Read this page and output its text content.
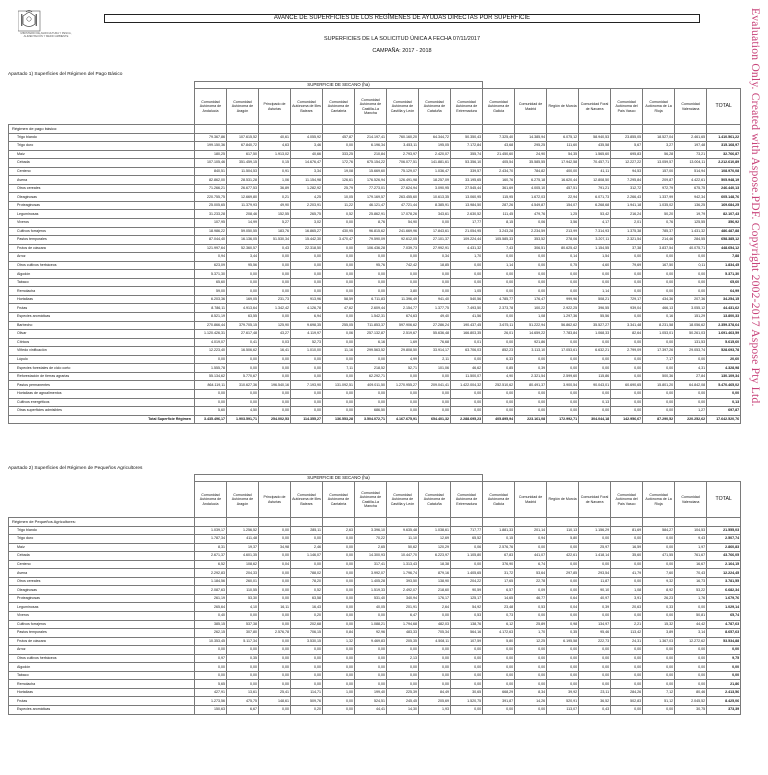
MINISTERIO DE AGRICULTURA Y PESCA, ALIMENTACIÓN Y MEDIO AMBIENTE
AVANCE DE SUPERFICIES DE LOS REGÍMENES DE AYUDAS DIRECTAS POR SUPERFICIE
SUPERFICIES DE LA SOLICITUD ÚNICA A FECHA 07/11/2017
CAMPAÑA: 2017 - 2018
Apartado 1) Superficies del Régimen del Pago Básico
	SUPERFICIE DE SECANO (ha)																
	Comunidad Autónoma de Andalucía	Comunidad Autónoma de Aragón	Principado de Asturias	Comunidad Autónoma de Illes Balears	Comunidad Autónoma de Cantabria	Comunidad Autónoma de Castilla-La Mancha	Comunidad Autónoma de Castilla y León	Comunidad Autónoma de Cataluña	Comunidad Autónoma de Extremadura	Comunidad Autónoma de Galicia	Comunidad de Madrid	Región de Murcia	Comunidad Foral de Navarra	Comunidad Autónoma del País Vasco	Comunidad Autónoma de La Rioja	Comunidad Valenciana	TOTAL
Régimen de pago básico:																	
Trigo blando	79.367,86	107.615,52	40,61	4.055,92	457,87	214.197,41	760.160,20	64.344,72	50.350,43	7.325,40	14.385,94	6.075,12	58.940,53	23.855,05	18.527,04	2.461,65	1.410.561,22
Trigo duro	199.150,36	67.840,72	4,63	3,46	0,00	6.196,34	3.453,11	195,05	7.172,84	43,68	295,25	111,60	435,58	5,67	3,27	197,48	315.168,97
Maíz	180,25	617,50	1.913,02	40,66	333,25	210,84	2.793,97	2.420,07	355,74	21.450,60	24,90	54,35	1.565,60	695,83	56,28	73,21	32.766,87
Cebada	107.105,46	351.459,15	0,15	14.676,47	172,76	675.154,22	706.077,51	141.881,61	53.356,10	405,54	35.585,55	17.942,58	70.457,71	12.227,22	13.059,57	13.004,11	2.212.610,89
Centeno	840,51	11.504,53	0,91	3,34	19,08	15.669,60	75.129,07	1.036,47	339,57	2.434,70	784,82	400,00	41,11	94,53	157,00	514,94	108.970,08
Avena	82.862,00	28.531,28	1,06	11.154,98	126,61	176.526,94	126.491,98	18.257,09	33.195,65	160,76	6.275,18	16.620,44	12.808,50	7.295,84	209,87	4.422,61	505.948,19
Otros cereales	71.266,21	26.677,53	36,89	1.282,92	25,79	77.273,01	27.624,94	3.090,95	27.545,44	361,69	4.005,10	457,51	791,21	312,72	972,79	675,75	246.440,13
Oleaginosas	220.755,75	12.669,80	0,21	4,25	10,05	179.169,57	263.455,60	10.613,35	13.060,95	115,95	1.672,03	22,94	6.071,73	2.266,43	1.337,99	942,34	605.148,76
Proteaginosas	25.005,65	11.379,93	49,90	2.203,91	11,22	46.121,47	47.721,44	8.385,91	13.984,50	287,26	4.549,87	154,07	6.268,68	1.941,18	1.035,02	136,25	169.684,25
Leguminosas	31.233,28	208,46	152,55	265,75	0,52	25.862,91	17.078,26	343,61	2.630,52	111,45	479,76	1,25	53,42	216,24	50,20	19,79	82.107,43
Viveros	107,95	14,99	5,27	3,02	0,00	8,76	54,90	0,00	17,77	8,15	0,06	3,56	4,17	2,01	0,76	125,55	356,92
Cultivos forrajeros	18.986,22	59.050,55	183,76	16.865,27	430,95	96.815,62	241.669,96	17.843,61	21.054,95	3.243,28	2.234,59	213,99	7.314,93	1.375,38	785,37	1.431,32	486.487,88
Pastos temporales	87.044,40	16.136,05	51.530,34	15.442,30	3.470,47	79.590,09	92.612,05	27.101,37	109.224,44	105.585,33	353,52	278,06	3.207,11	2.321,54	214,46	284,55	658.385,12
Frutos de cáscara	121.997,64	52.360,57	0,43	22.318,50	0,00	106.436,28	7.039,73	27.992,91	4.431,32	7,43	306,51	80.625,42	1.154,55	37,38	3.837,54	40.075,71	448.654,12
Arroz	0,94	3,44	0,00	0,00	0,00	0,00	0,00	0,34	1,70	0,00	0,00	0,14	1,54	0,00	0,00	0,00	7,88
Otros cultivos herbáceos	623,09	95,56	0,00	0,00	0,00	95,76	742,42	18,85	0,00	1,14	0,00	0,75	4,60	79,69	167,50	0,11	1.834,45
Algodón	5.371,30	0,00	0,00	0,00	0,00	0,00	0,00	0,00	0,00	0,00	0,00	0,00	0,00	0,00	0,00	0,00	5.371,30
Tabaco	65,60	0,00	0,00	0,00	0,00	0,00	0,00	0,00	0,00	0,00	0,00	0,00	0,00	0,00	0,00	0,00	65,60
Remolacha	59,00	0,00	0,00	0,00	0,00	0,00	3,80	0,00	1,05	0,00	0,00	0,00	1,14	0,00	0,00	0,00	64,99
Hortalizas	6.203,36	169,05	231,73	913,96	58,59	6.711,83	11.396,49	941,40	540,56	4.785,77	176,47	999,96	508,21	729,17	434,36	207,36	34.254,15
Frutas	8.786,11	4.913,64	1.342,42	4.126,78	47,62	2.609,44	2.154,77	1.377,75	7.493,50	2.373,78	100,22	2.922,25	396,55	939,04	466,13	3.055,12	44.431,62
Especies aromáticas	8.521,19	63,55	0,00	6,94	0,00	1.542,31	674,63	49,40	41,56	0,00	1,08	1.297,36	55,56	0,00	0,16	151,29	13.800,33
Barbecho	270.866,44	379.705,15	125,90	9.698,35	255,05	711.853,37	597.906,62	27.286,24	190.437,45	3.675,11	51.222,94	56.862,62	35.527,27	3.341,48	8.231,58	18.056,62	2.359.378,64
Olivar	1.120.426,31	27.617,48	43,27	4.119,97	0,06	257.132,87	2.519,67	55.636,48	166.803,35	26,01	14.659,22	7.783,84	1.068,33	82,64	1.053,01	50.261,03	1.691.463,59
Cítricos	4.019,07	0,41	0,03	52,73	0,00	6,16	1,69	76,68	0,01	0,00	921,86	0,00	0,00	0,00	0,00	131,53	5.615,60
Viñedo vinificación	12.223,40	16.506,62	16,41	1.010,00	11,16	299.563,52	29.808,50	33.914,17	63.706,03	852,23	3.113,10	17.053,61	6.632,21	2.799,09	17.397,26	29.053,74	528.693,78
Lúpulo	0,00	0,00	0,00	0,00	0,00	0,00	4,99	2,11	0,00	6,33	0,00	0,00	0,00	0,00	7,17	0,00	20,60
Especies forestales de ciclo corto	1.555,78	0,00	0,00	0,00	7,11	218,52	52,71	101,06	46,62	0,85	0,39	0,00	0,00	0,00	0,00	4,31	4.328,98
Reforestación de tierras agrarias	55.134,62	5.770,67	0,00	0,00	0,00	62.292,71	0,00	0,00	11.500,07	4,90	2.321,54	2.599,60	115,86	0,00	500,36	27,84	130.109,34
Pastos permanentes	864.119,11	310.627,36	196.540,16	7.193,90	131.092,51	409.011,50	1.270.955,27	209.041,41	1.422.004,32	252.510,62	80.491,37	3.900,54	90.043,01	60.690,65	15.801,20	64.842,08	5.470.465,02
Hortalizas de agroalimentos	0,00	0,00	0,00	0,00	0,00	0,00	0,00	0,00	0,00	0,00	0,00	0,00	0,00	0,00	0,00	0,00	0,00
Cultivos energéticos	0,00	0,00	0,00	0,00	0,00	0,00	0,00	0,00	0,00	0,00	0,00	0,00	0,13	0,00	0,00	0,00	0,13
Otras superficies admisibles	5,60	4,50	0,00	0,00	0,00	686,50	0,00	0,00	0,00	0,00	0,00	0,00	0,00	0,00	0,00	1,27	697,87
Total Superficie Régimen	3.435.496,17	1.903.591,71	254.002,53	114.355,27	136.553,28	3.504.072,71	4.167.675,91	654.401,32	2.288.695,23	405.895,94	223.161,08	172.992,71	304.044,18	142.956,67	87.290,52	220.252,62	17.642.520,76
Apartado 2) Superficies del Régimen de Pequeños Agricultores
	SUPERFICIE DE SECANO (ha)																
	Comunidad Autónoma de Andalucía	Comunidad Autónoma de Aragón	Principado de Asturias	Comunidad Autónoma de Illes Balears	Comunidad Autónoma de Cantabria	Comunidad Autónoma de Castilla-La Mancha	Comunidad Autónoma de Castilla y León	Comunidad Autónoma de Cataluña	Comunidad Autónoma de Extremadura	Comunidad Autónoma de Galicia	Comunidad de Madrid	Región de Murcia	Comunidad Foral de Navarra	Comunidad Autónoma del País Vasco	Comunidad Autónoma de La Rioja	Comunidad Valenciana	TOTAL
Régimen de Pequeños Agricultores:																	
Trigo blando	1.039,17	1.256,52	0,00	285,11	2,63	3.396,10	9.635,48	1.038,61	717,77	1.881,33	201,14	110,13	1.156,29	81,69	584,27	104,53	21.555,03
Trigo duro	1.787,34	411,48	0,00	0,00	0,00	70,22	11,10	12,69	65,52	0,15	0,94	5,80	0,00	0,00	0,00	9,43	2.507,74
Maíz	8,31	19,37	34,98	2,46	0,00	2,65	50,62	120,29	0,06	2.576,76	0,00	0,00	25,97	16,59	0,00	1,97	2.860,83
Cebada	2.671,37	4.601,35	0,00	1.146,07	0,00	14.300,93	10.447,70	6.223,97	1.105,80	67,83	441,07	422,61	1.418,14	35,60	471,55	761,67	43.766,05
Centeno	6,52	108,62	0,04	0,00	0,00	317,41	1.313,43	18,38	0,00	376,90	6,74	0,00	0,00	0,00	0,00	16,67	2.164,15
Avena	2.292,83	204,33	0,00	788,02	0,00	3.992,07	1.796,74	879,16	1.405,65	31,72	53,64	297,85	293,54	41,79	7,60	70,43	12.224,45
Otros cereales	1.184,56	260,01	0,00	78,20	0,00	1.405,28	393,50	138,90	204,22	17,65	22,78	0,00	11,87	0,00	9,32	16,73	3.781,55
Oleaginosas	2.087,63	110,55	0,00	0,52	0,00	1.519,33	2.492,07	218,60	90,59	6,57	0,09	0,00	90,10	1,08	8,92	53,22	6.682,34
Proteaginosas	261,19	53,30	0,00	63,58	0,00	531,40	340,94	176,17	125,17	14,65	46,77	0,64	40,97	3,91	26,23	1,76	1.679,76
Leguminosas	265,64	4,10	16,11	16,43	0,00	40,05	201,91	2,64	54,92	23,48	0,53	0,04	0,39	20,63	0,33	0,00	1.029,14
Viveros	0,40	0,00	0,00	0,20	0,00	0,00	6,47	0,00	0,53	0,73	0,00	0,00	0,00	0,00	0,00	50,81	65,74
Cultivos forrajeros	385,15	537,38	0,00	202,68	0,00	1.088,21	1.794,68	482,03	138,76	6,12	25,89	0,98	134,97	2,21	15,32	44,42	4.787,63
Pastos temporales	262,15	307,80	2.576,78	706,15	0,84	92,96	483,33	705,34	564,16	4.172,63	1,70	0,35	95,46	113,42	3,89	3,14	8.657,63
Frutos de cáscara	10.353,45	5.117,34	0,00	3.530,15	1,32	9.469,83	205,35	4.508,11	107,59	5,80	12,25	6.195,58	222,73	24,31	1.367,03	12.272,62	53.534,88
Arroz	0,00	0,00	0,00	0,00	0,00	0,00	0,00	0,00	0,00	0,00	0,00	0,00	0,00	0,00	0,00	0,00	0,00
Otros cultivos herbáceos	0,97	0,35	0,00	0,00	0,00	0,00	2,13	0,00	0,00	0,00	0,00	0,00	0,00	0,00	0,00	0,00	9,75
Algodón	0,00	0,00	0,00	0,00	0,00	0,00	0,00	0,00	0,00	0,00	0,00	0,00	0,00	0,00	0,00	0,00	0,00
Tabaco	0,00	0,00	0,00	0,00	0,00	0,00	0,00	0,00	0,00	0,00	0,00	0,00	0,00	0,00	0,00	0,00	0,00
Remolacha	5,65	0,00	0,00	0,00	0,00	0,00	0,00	0,00	0,00	0,00	0,00	0,00	0,00	0,00	0,00	0,00	21,86
Hortalizas	427,91	13,61	25,41	114,71	1,00	199,40	225,39	84,49	30,65	668,29	8,34	39,92	23,11	284,26	7,12	80,46	2.413,56
Frutas	1.273,56	475,75	148,61	509,76	0,00	524,51	245,45	205,69	1.520,75	391,87	14,26	520,91	36,52	502,83	51,12	2.045,52	8.425,06
Especies aromáticas	150,63	6,67	0,00	0,20	0,00	44,41	14,30	1,93	0,00	0,00	0,00	113,07	0,43	0,00	0,00	30,75	373,39
Evaluation Only. Created with Aspose.PDF. Copyright 2002-2017 Aspose Pty Ltd.
